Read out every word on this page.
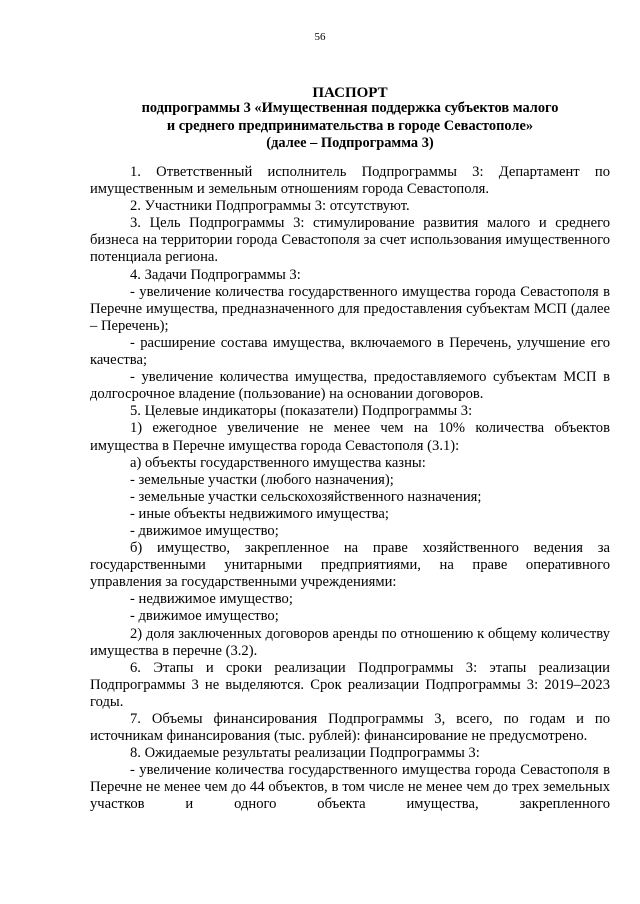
56
ПАСПОРТ
подпрограммы 3 «Имущественная поддержка субъектов малого
и среднего предпринимательства в городе Севастополе»
(далее – Подпрограмма 3)

1. Ответственный исполнитель Подпрограммы 3: Департамент по имущественным и земельным отношениям города Севастополя.

2. Участники Подпрограммы 3: отсутствуют.

3. Цель Подпрограммы 3: стимулирование развития малого и среднего бизнеса на территории города Севастополя за счет использования имущественного потенциала региона.

4. Задачи Подпрограммы 3:

- увеличение количества государственного имущества города Севастополя в Перечне имущества, предназначенного для предоставления субъектам МСП (далее – Перечень);

- расширение состава имущества, включаемого в Перечень, улучшение его качества;

- увеличение количества имущества, предоставляемого субъектам МСП в долгосрочное владение (пользование) на основании договоров.

5. Целевые индикаторы (показатели) Подпрограммы 3:

1) ежегодное увеличение не менее чем на 10% количества объектов имущества в Перечне имущества города Севастополя (3.1):

а) объекты государственного имущества казны:

- земельные участки (любого назначения);

- земельные участки сельскохозяйственного назначения;

- иные объекты недвижимого имущества;

- движимое имущество;

б) имущество, закрепленное на праве хозяйственного ведения за государственными унитарными предприятиями, на праве оперативного управления за государственными учреждениями:

- недвижимое имущество;

- движимое имущество;

2) доля заключенных договоров аренды по отношению к общему количеству имущества в перечне (3.2).

6. Этапы и сроки реализации Подпрограммы 3: этапы реализации Подпрограммы 3 не выделяются. Срок реализации Подпрограммы 3: 2019–2023 годы.

7. Объемы финансирования Подпрограммы 3, всего, по годам и по источникам финансирования (тыс. рублей): финансирование не предусмотрено.

8. Ожидаемые результаты реализации Подпрограммы 3:

- увеличение количества государственного имущества города Севастополя в Перечне не менее чем до 44 объектов, в том числе не менее чем до трех земельных участков и одного объекта имущества, закрепленного
